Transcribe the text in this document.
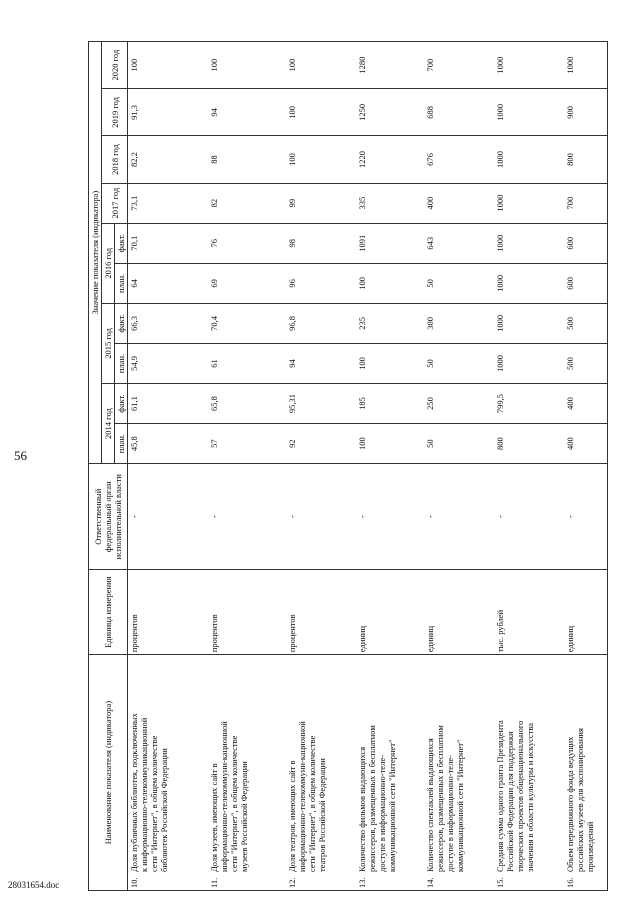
56
Наименование показателя (индикатора)	Единица измерения	Ответственный федеральный орган исполнительной власти	Значение показателя (индикатора)									
			2014 год		2015 год		2016 год		2017 год	2018 год	2019 год	2020 год
			план.	факт.	план.	факт.	план.	факт.				
10.Доля публичных библиотек, подключенных к информационно-телекоммуникационной сети "Интернет", в общем количестве библиотек Российской Федерации	процентов	-	45,8	61,1	54,9	66,3	64	70,1	73,1	82,2	91,3	100
11.Доля музеев, имеющих сайт в информационно-телекоммуни-кационной сети "Интернет", в общем количестве музеев Российской Федерации	процентов	-	57	65,8	61	70,4	69	76	82	88	94	100
12.Доля театров, имеющих сайт в информационно-телекоммуни-кационной сети "Интернет", в общем количестве театров Российской Федерации	процентов	-	92	95,31	94	96,8	96	98	99	100	100	100
13.Количество фильмов выдающихся режиссеров, размещенных в бесплатном доступе в информационно-теле-коммуникационной сети "Интернет"	единиц	-	100	185	100	235	100	1091	335	1220	1250	1280
14.Количество спектаклей выдающихся режиссеров, размещенных в бесплатном доступе в информационно-теле-коммуникационной сети "Интернет"	единиц	-	50	250	50	300	50	643	400	676	688	700
15.Средняя сумма одного гранта Президента Российской Федерации для поддержки творческих проектов общенационального значения в области культуры и искусства	тыс. рублей	-	800	799,5	1000	1000	1000	1000	1000	1000	1000	1000
16.Объем передвижного фонда ведущих российских музеев для экспонирования произведений	единиц	-	400	400	500	500	600	600	700	800	900	1000
28031654.doc
